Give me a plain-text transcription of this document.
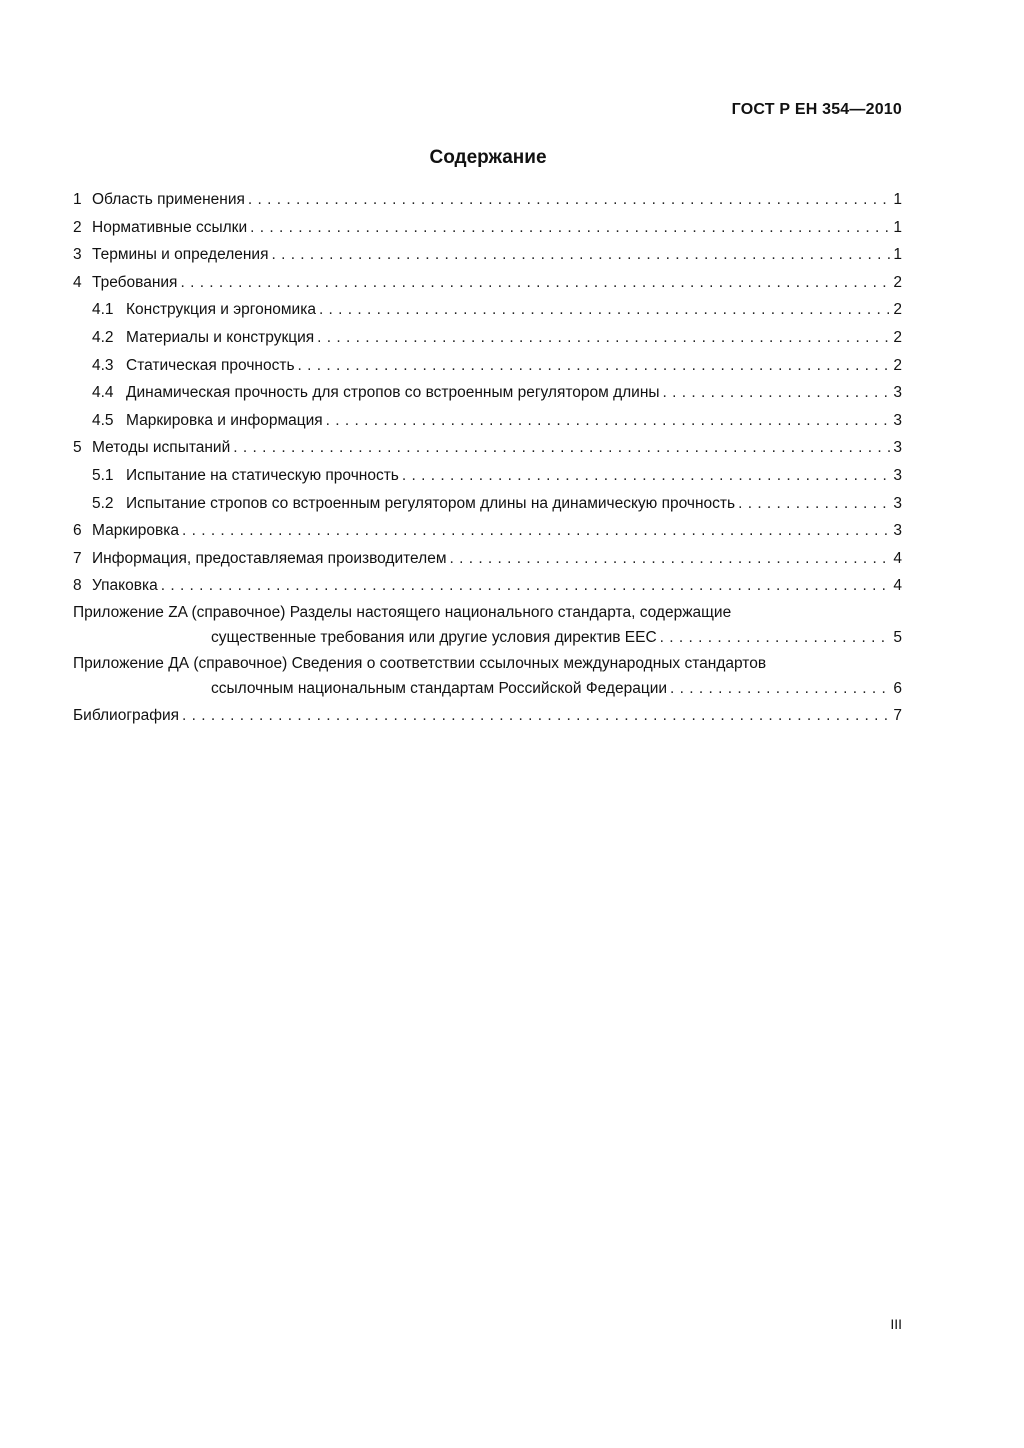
ГОСТ Р ЕН 354—2010
Содержание
1 Область применения . . .	1
2 Нормативные ссылки . . .	1
3 Термины и определения . . .	1
4 Требования . . .	2
4.1 Конструкция и эргономика . . .	2
4.2 Материалы и конструкция . . .	2
4.3 Статическая прочность . . .	2
4.4 Динамическая прочность для стропов со встроенным регулятором длины . . .	3
4.5 Маркировка и информация . . .	3
5 Методы испытаний . . .	3
5.1 Испытание на статическую прочность . . .	3
5.2 Испытание стропов со встроенным регулятором длины на динамическую прочность . . .	3
6 Маркировка . . .	3
7 Информация, предоставляемая производителем . . .	4
8 Упаковка . . .	4
Приложение ZA (справочное) Разделы настоящего национального стандарта, содержащие
существенные требования или другие условия директив ЕЕС . . .	5
Приложение ДА (справочное) Сведения о соответствии ссылочных международных стандартов
ссылочным национальным стандартам Российской Федерации . . .	6
Библиография . . .	7
III
